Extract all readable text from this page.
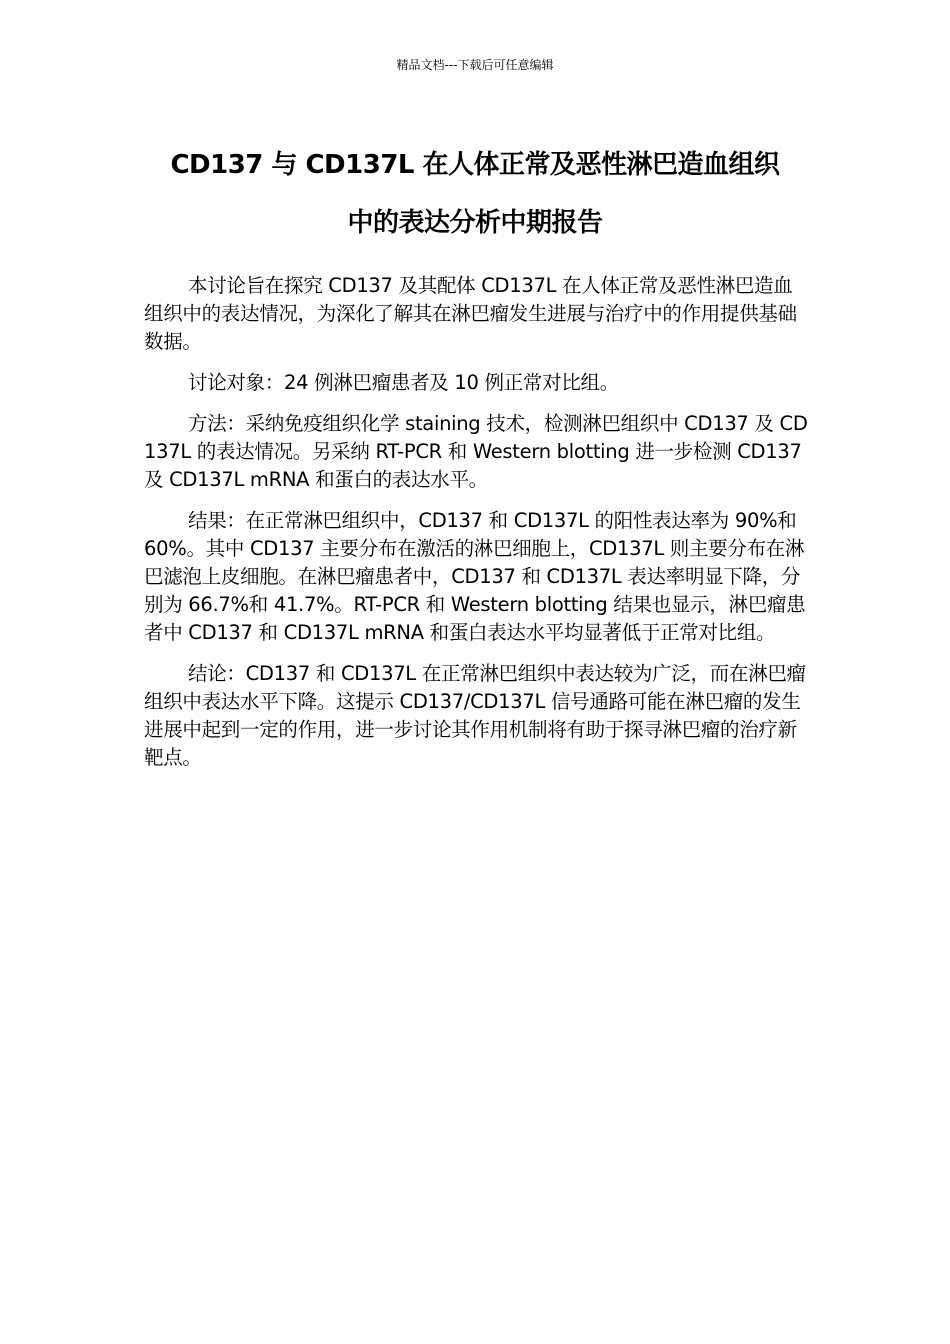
精品文档---下载后可任意编辑
CD137 与 CD137L 在人体正常及恶性淋巴造血组织
中的表达分析中期报告

本讨论旨在探究 CD137 及其配体 CD137L 在人体正常及恶性淋巴造血组织中的表达情况，为深化了解其在淋巴瘤发生进展与治疗中的作用提供基础数据。

讨论对象：24 例淋巴瘤患者及 10 例正常对比组。

方法：采纳免疫组织化学 staining 技术，检测淋巴组织中 CD137 及 CD137L 的表达情况。另采纳 RT-PCR 和 Western blotting 进一步检测 CD137 及 CD137L mRNA 和蛋白的表达水平。

结果：在正常淋巴组织中，CD137 和 CD137L 的阳性表达率为 90%和 60%。其中 CD137 主要分布在激活的淋巴细胞上，CD137L 则主要分布在淋巴滤泡上皮细胞。在淋巴瘤患者中，CD137 和 CD137L 表达率明显下降，分别为 66.7%和 41.7%。RT-PCR 和 Western blotting 结果也显示，淋巴瘤患者中 CD137 和 CD137L mRNA 和蛋白表达水平均显著低于正常对比组。

结论：CD137 和 CD137L 在正常淋巴组织中表达较为广泛，而在淋巴瘤组织中表达水平下降。这提示 CD137/CD137L 信号通路可能在淋巴瘤的发生进展中起到一定的作用，进一步讨论其作用机制将有助于探寻淋巴瘤的治疗新靶点。
